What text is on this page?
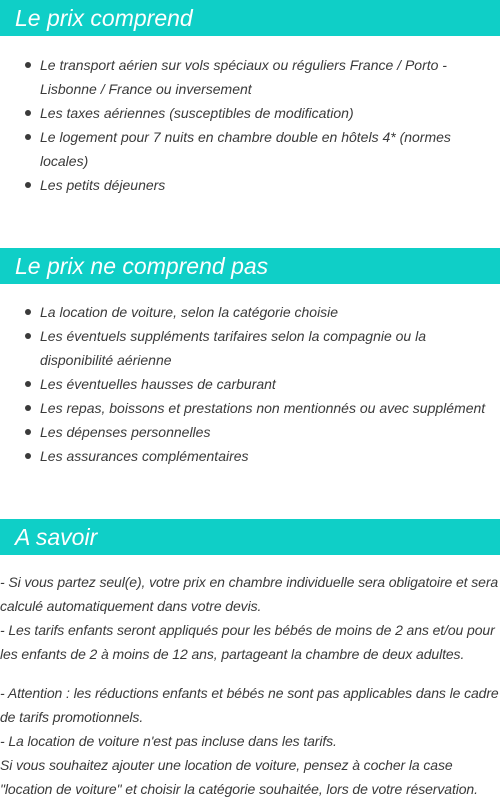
Le prix comprend
Le transport aérien sur vols spéciaux ou réguliers France / Porto - Lisbonne / France ou inversement
Les taxes aériennes (susceptibles de modification)
Le logement pour 7 nuits en chambre double en hôtels 4* (normes locales)
Les petits déjeuners
Le prix ne comprend pas
La location de voiture, selon la catégorie choisie
Les éventuels suppléments tarifaires selon la compagnie ou la disponibilité aérienne
Les éventuelles hausses de carburant
Les repas, boissons et prestations non mentionnés ou avec supplément
Les dépenses personnelles
Les assurances complémentaires
A savoir

- Si vous partez seul(e), votre prix en chambre individuelle sera obligatoire et sera calculé automatiquement dans votre devis.

- Les tarifs enfants seront appliqués pour les bébés de moins de 2 ans et/ou pour les enfants de 2 à moins de 12 ans, partageant la chambre de deux adultes.

- Attention : les réductions enfants et bébés ne sont pas applicables dans le cadre de tarifs promotionnels.

- La location de voiture n'est pas incluse dans les tarifs.

Si vous souhaitez ajouter une location de voiture, pensez à cocher la case "location de voiture" et choisir la catégorie souhaitée, lors de votre réservation.
